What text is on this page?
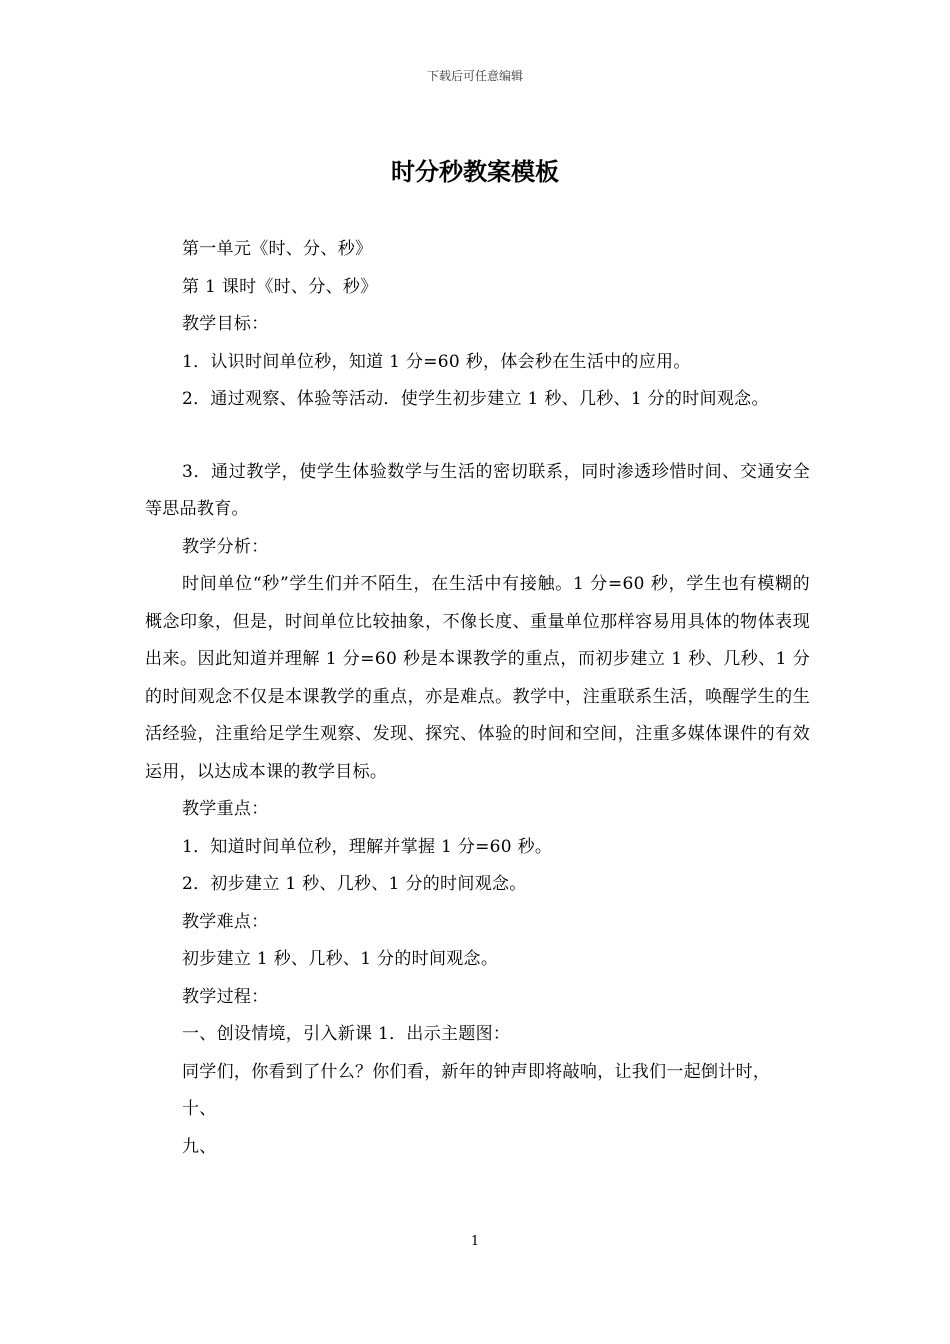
下载后可任意编辑
时分秒教案模板
第一单元《时、分、秒》
第 1 课时《时、分、秒》
教学目标：
1．认识时间单位秒，知道 1 分=60 秒，体会秒在生活中的应用。
2．通过观察、体验等活动．使学生初步建立 1 秒、几秒、1 分的时间观念。
3．通过教学，使学生体验数学与生活的密切联系，同时渗透珍惜时间、交通安全等思品教育。
教学分析：
时间单位“秒”学生们并不陌生，在生活中有接触。1 分=60 秒，学生也有模糊的概念印象，但是，时间单位比较抽象，不像长度、重量单位那样容易用具体的物体表现出来。因此知道并理解 1 分=60 秒是本课教学的重点，而初步建立 1 秒、几秒、1 分的时间观念不仅是本课教学的重点，亦是难点。教学中，注重联系生活，唤醒学生的生活经验，注重给足学生观察、发现、探究、体验的时间和空间，注重多媒体课件的有效运用，以达成本课的教学目标。
教学重点：
1．知道时间单位秒，理解并掌握 1 分=60 秒。
2．初步建立 1 秒、几秒、1 分的时间观念。
教学难点：
初步建立 1 秒、几秒、1 分的时间观念。
教学过程：
一、创设情境，引入新课 1．出示主题图：
同学们，你看到了什么？你们看，新年的钟声即将敲响，让我们一起倒计时，
十、
九、
1
